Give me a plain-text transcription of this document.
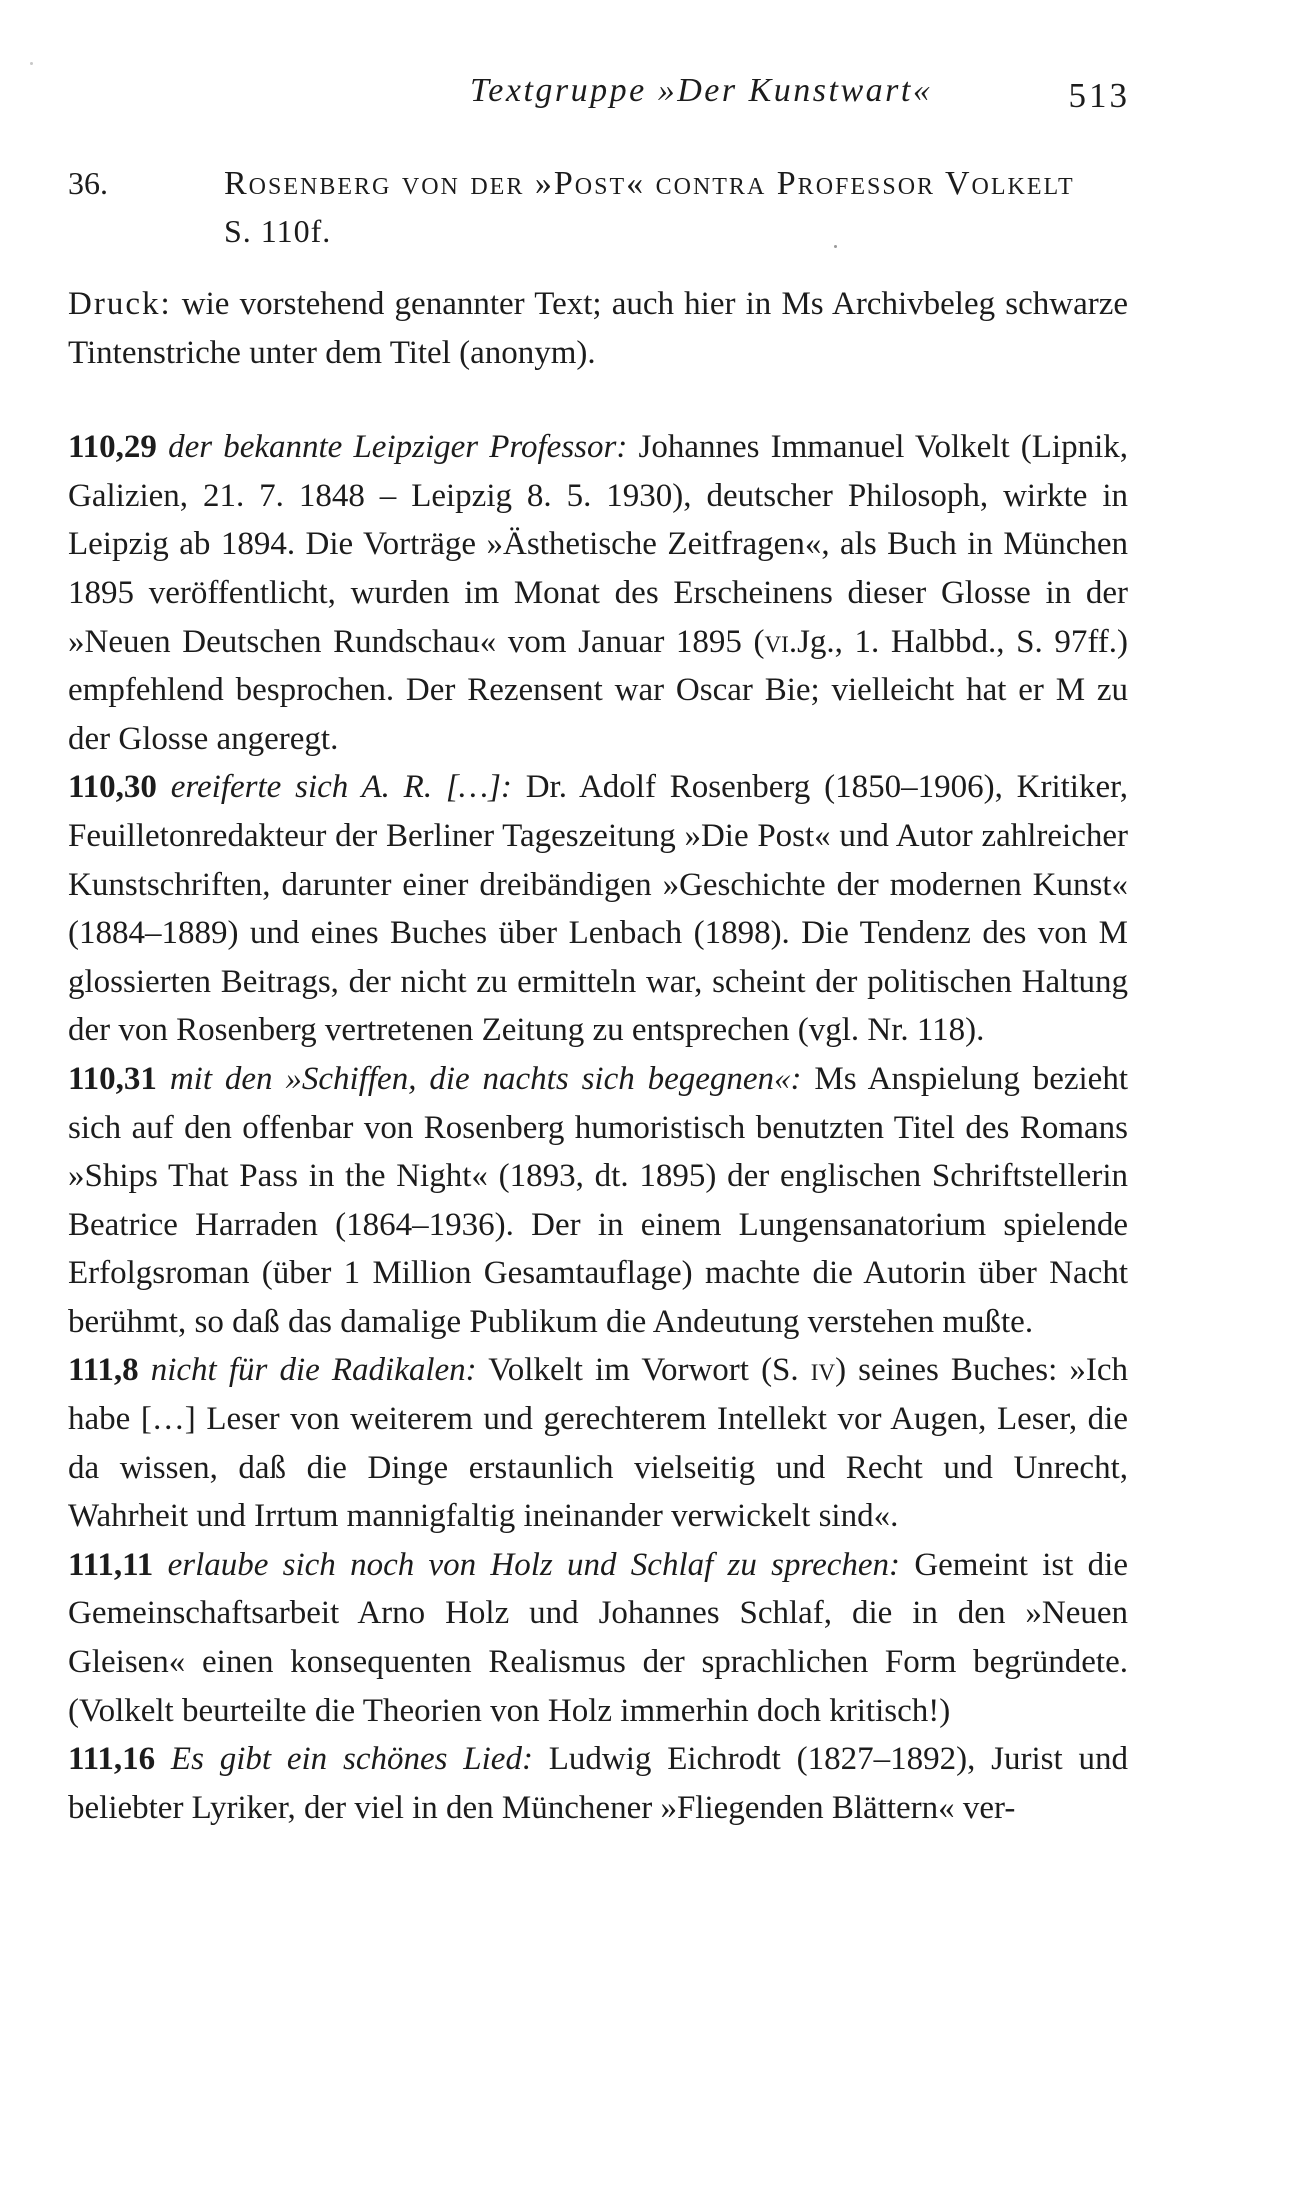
Textgruppe »Der Kunstwart«	513
36.	Rosenberg von der »Post« contra Professor Volkelt
S. 110f.

Druck: wie vorstehend genannter Text; auch hier in Ms Archivbeleg schwarze Tintenstriche unter dem Titel (anonym).

110,29 der bekannte Leipziger Professor: Johannes Immanuel Volkelt (Lipnik, Galizien, 21. 7. 1848 – Leipzig 8. 5. 1930), deutscher Philosoph, wirkte in Leipzig ab 1894. Die Vorträge »Ästhetische Zeitfragen«, als Buch in München 1895 veröffentlicht, wurden im Monat des Erscheinens dieser Glosse in der »Neuen Deutschen Rundschau« vom Januar 1895 (vi.Jg., 1. Halbbd., S. 97ff.) empfehlend besprochen. Der Rezensent war Oscar Bie; vielleicht hat er M zu der Glosse angeregt.

110,30 ereiferte sich A. R. […]: Dr. Adolf Rosenberg (1850–1906), Kritiker, Feuilletonredakteur der Berliner Tageszeitung »Die Post« und Autor zahlreicher Kunstschriften, darunter einer dreibändigen »Geschichte der modernen Kunst« (1884–1889) und eines Buches über Lenbach (1898). Die Tendenz des von M glossierten Beitrags, der nicht zu ermitteln war, scheint der politischen Haltung der von Rosenberg vertretenen Zeitung zu entsprechen (vgl. Nr. 118).

110,31 mit den »Schiffen, die nachts sich begegnen«: Ms Anspielung bezieht sich auf den offenbar von Rosenberg humoristisch benutzten Titel des Romans »Ships That Pass in the Night« (1893, dt. 1895) der englischen Schriftstellerin Beatrice Harraden (1864–1936). Der in einem Lungensanatorium spielende Erfolgsroman (über 1 Million Gesamtauflage) machte die Autorin über Nacht berühmt, so daß das damalige Publikum die Andeutung verstehen mußte.

111,8 nicht für die Radikalen: Volkelt im Vorwort (S. iv) seines Buches: »Ich habe […] Leser von weiterem und gerechterem Intellekt vor Augen, Leser, die da wissen, daß die Dinge erstaunlich vielseitig und Recht und Unrecht, Wahrheit und Irrtum mannigfaltig ineinander verwickelt sind«.

111,11 erlaube sich noch von Holz und Schlaf zu sprechen: Gemeint ist die Gemeinschaftsarbeit Arno Holz und Johannes Schlaf, die in den »Neuen Gleisen« einen konsequenten Realismus der sprachlichen Form begründete. (Volkelt beurteilte die Theorien von Holz immerhin doch kritisch!)

111,16 Es gibt ein schönes Lied: Ludwig Eichrodt (1827–1892), Jurist und beliebter Lyriker, der viel in den Münchener »Fliegenden Blättern« ver-
